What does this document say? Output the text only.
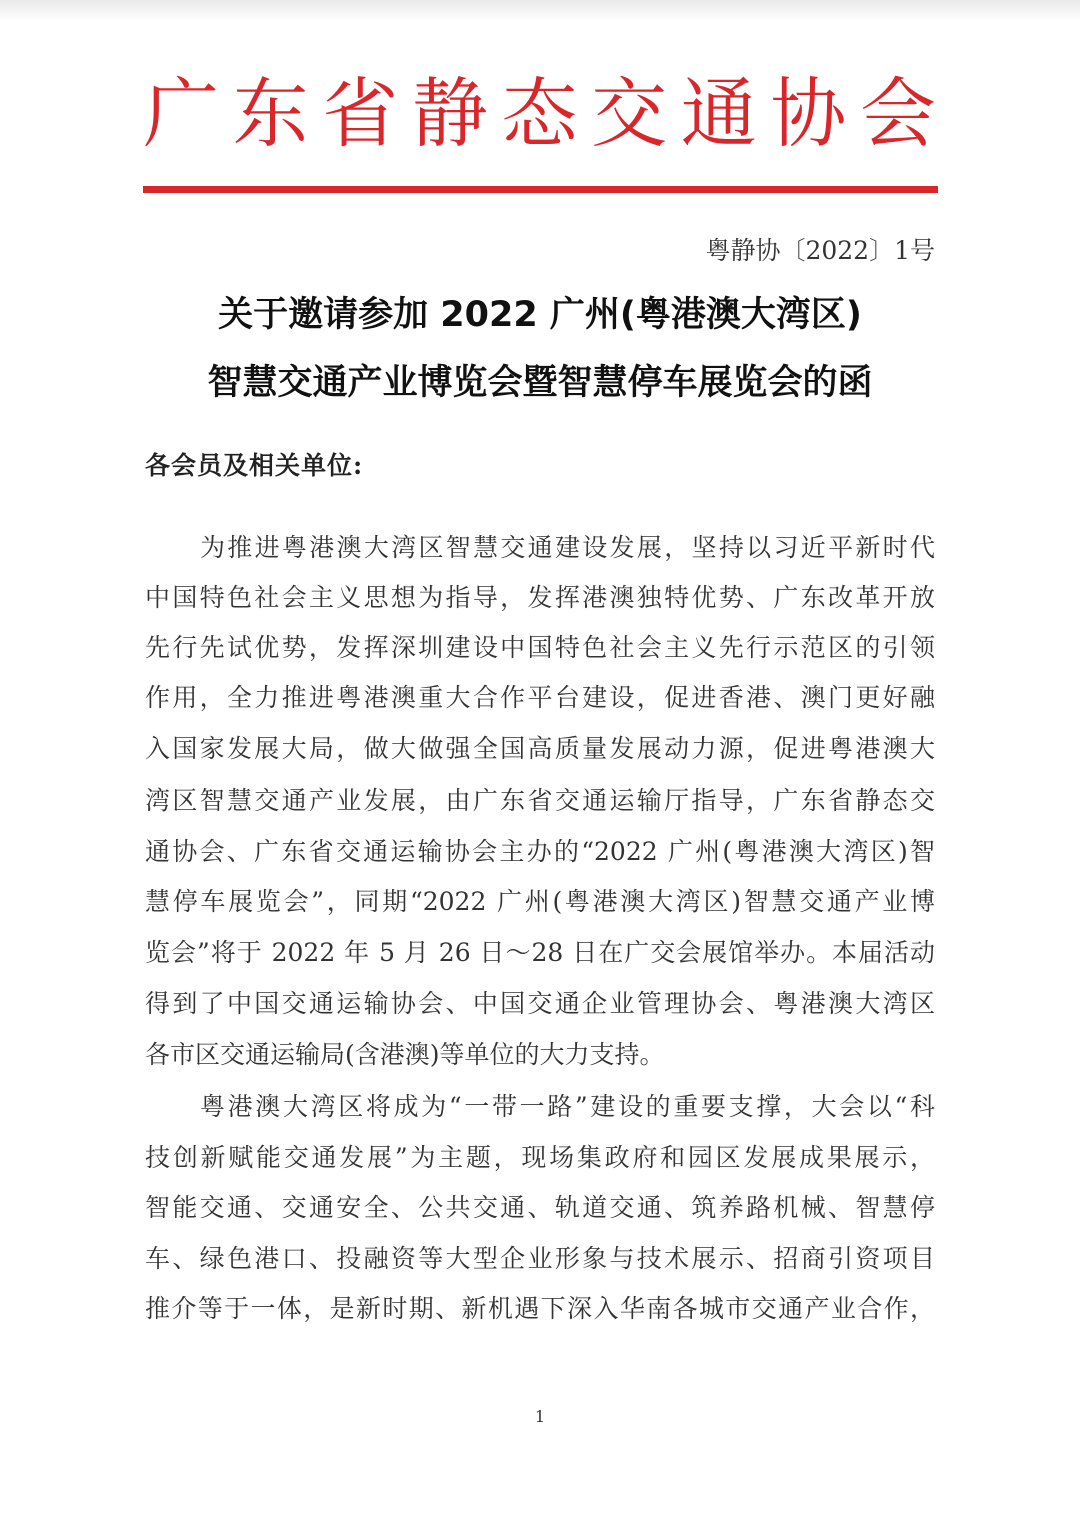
广东省静态交通协会
粤静协〔2022〕1号
关于邀请参加 2022 广州(粤港澳大湾区)
智慧交通产业博览会暨智慧停车展览会的函
各会员及相关单位:
为推进粤港澳大湾区智慧交通建设发展，坚持以习近平新时代
中国特色社会主义思想为指导，发挥港澳独特优势、广东改革开放
先行先试优势，发挥深圳建设中国特色社会主义先行示范区的引领
作用，全力推进粤港澳重大合作平台建设，促进香港、澳门更好融
入国家发展大局，做大做强全国高质量发展动力源，促进粤港澳大
湾区智慧交通产业发展，由广东省交通运输厅指导，广东省静态交
通协会、广东省交通运输协会主办的“2022 广州(粤港澳大湾区)智
慧停车展览会”，同期“2022 广州(粤港澳大湾区)智慧交通产业博
览会”将于 2022 年 5 月 26 日～28 日在广交会展馆举办。本届活动
得到了中国交通运输协会、中国交通企业管理协会、粤港澳大湾区
各市区交通运输局(含港澳)等单位的大力支持。
粤港澳大湾区将成为“一带一路”建设的重要支撑，大会以“科
技创新赋能交通发展”为主题，现场集政府和园区发展成果展示，
智能交通、交通安全、公共交通、轨道交通、筑养路机械、智慧停
车、绿色港口、投融资等大型企业形象与技术展示、招商引资项目
推介等于一体，是新时期、新机遇下深入华南各城市交通产业合作，
1
